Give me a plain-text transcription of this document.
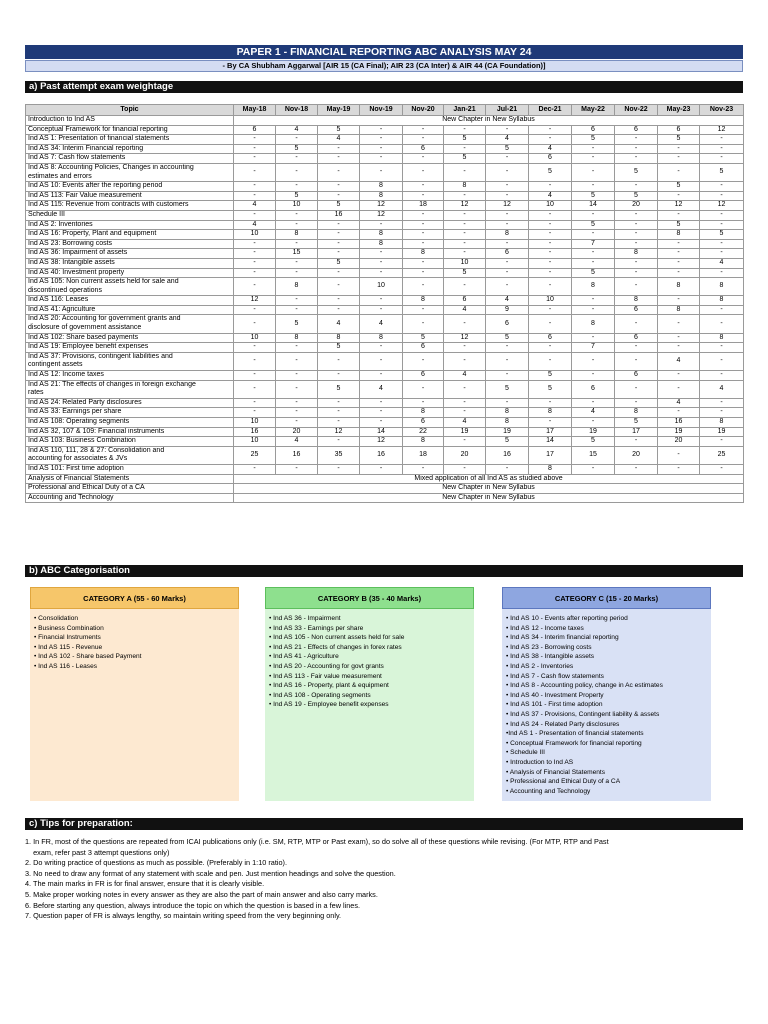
PAPER 1 - FINANCIAL REPORTING ABC ANALYSIS MAY 24
- By CA Shubham Aggarwal [AIR 15 (CA Final); AIR 23 (CA Inter) & AIR 44 (CA Foundation)]
a) Past attempt exam weightage
Topic	May-18	Nov-18	May-19	Nov-19	Nov-20	Jan-21	Jul-21	Dec-21	May-22	Nov-22	May-23	Nov-23
Introduction to Ind AS	New Chapter in New Syllabus											
Conceptual Framework for financial reporting	6	4	5	-	-	-	-	-	6	6	6	12
Ind AS 1: Presentation of financial statements	-	-	4	-	-	5	4	-	5	-	5	-
Ind AS 34: Interim Financial reporting	-	5	-	-	6	-	5	4	-	-	-	-
Ind AS 7: Cash flow statements	-	-	-	-	-	5	-	6	-	-	-	-

Ind AS 8: Accounting Policies, Changes in accounting
estimates and errors	-	-	-	-	-	-	-	5	-	5	-	5
Ind AS 10: Events after the reporting period	-	-	-	8	-	8	-	-	-	-	5	-
Ind AS 113: Fair Value measurement	-	5	-	8	-	-	-	4	5	5	-	-
Ind AS 115: Revenue from contracts with customers	4	10	5	12	18	12	12	10	14	20	12	12
Schedule III	-	-	16	12	-	-	-	-	-	-	-	-
Ind AS 2: Inventories	4	-	-	-	-	-	-	-	5	-	5	-
Ind AS 16: Property, Plant and equipment	10	8	-	8	-	-	8	-	-	-	8	5
Ind AS 23: Borrowing costs	-	-	-	8	-	-	-	-	7	-	-	-
Ind AS 36: Impairment of assets	-	15	-	-	8	-	6	-	-	8	-	-
Ind AS 38: Intangible assets	-	-	5	-	-	10	-	-	-	-	-	4
Ind AS 40: Investment property	-	-	-	-	-	5	-	-	5	-	-	-

Ind AS 105: Non current assets held for sale and
discontinued operations	-	8	-	10	-	-	-	-	8	-	8	8
Ind AS 116: Leases	12	-	-	-	8	6	4	10	-	8	-	8
Ind AS 41: Agriculture	-	-	-	-	-	4	9	-	-	6	8	-

Ind AS 20: Accounting for government grants and
disclosure of government assistance	-	5	4	4	-	-	6	-	8	-	-	-
Ind AS 102: Share based payments	10	8	8	8	5	12	5	6	-	6	-	8
Ind AS 19: Employee benefit expenses	-	-	5	-	6	-	-	-	7	-	-	-

Ind AS 37: Provisions, contingent liabilities and
contingent assets	-	-	-	-	-	-	-	-	-	-	4	-
Ind AS 12: Income taxes	-	-	-	-	6	4	-	5	-	6	-	-

Ind AS 21: The effects of changes in foreign exchange
rates	-	-	5	4	-	-	5	5	6	-	-	4
Ind AS 24: Related Party disclosures	-	-	-	-	-	-	-	-	-	-	4	-
Ind AS 33: Earnings per share	-	-	-	-	8	-	8	8	4	8	-	-
Ind AS 108: Operating segments	10	-	-	-	6	4	8	-	-	5	16	8
Ind AS 32, 107 & 109: Financial instruments	16	20	12	14	22	19	19	17	19	17	19	19
Ind AS 103: Business Combination	10	4	-	12	8	-	5	14	5	-	20	-

Ind AS 110, 111, 28 & 27: Consolidation and
accounting for associates & JVs	25	16	35	16	18	20	16	17	15	20	-	25
Ind AS 101: First time adoption	-	-	-	-	-	-	-	8	-	-	-	-
Analysis of Financial Statements	Mixed application of all Ind AS as studied above											
Professional and Ethical Duty of a CA	New Chapter in New Syllabus											
Accounting and Technology	New Chapter in New Syllabus											
b) ABC Categorisation
CATEGORY A (55 - 60 Marks)
• Consolidation
• Business Combination
• Financial Instruments
• Ind AS 115 - Revenue
• Ind AS 102 - Share based Payment
• Ind AS 116 - Leases
CATEGORY B (35 - 40 Marks)
• Ind AS 36 - Impairment
• Ind AS 33 - Earnings per share
• Ind AS 105 - Non current assets held for sale
• Ind AS 21 - Effects of changes in forex rates
• Ind AS 41 - Agriculture
• Ind AS 20 - Accounting for govt grants
• Ind AS 113 - Fair value measurement
• Ind AS 16 - Property, plant & equipment
• Ind AS 108 - Operating segments
• Ind AS 19 - Employee benefit expenses
CATEGORY C (15 - 20 Marks)
• Ind AS 10 - Events after reporting period
• Ind AS 12 - Income taxes
• Ind AS 34 - Interim financial reporting
• Ind AS 23 - Borrowing costs
• Ind AS 38 - Intangible assets
• Ind AS 2 - Inventories
• Ind AS 7 - Cash flow statements
• Ind AS 8 - Accounting policy, change in Ac estimates
• Ind AS 40 - Investment Property
• Ind AS 101 - First time adoption
• Ind AS 37 - Provisions, Contingent liability & assets
• Ind AS 24 - Related Party disclosures
•Ind AS 1 - Presentation of financial statements
• Conceptual Framework for financial reporting
• Schedule III
• Introduction to Ind AS
• Analysis of Financial Statements
• Professional and Ethical Duty of a CA
• Accounting and Technology
c) Tips for preparation:
1. In FR, most of the questions are repeated from ICAI publications only (i.e. SM, RTP, MTP or Past exam), so do solve all of these questions while revising. (For MTP, RTP and Past
exam, refer past 3 attempt questions only)
2. Do writing practice of questions as much as possible. (Preferably in 1:10 ratio).
3. No need to draw any format of any statement with scale and pen. Just mention headings and solve the question.
4. The main marks in FR is for final answer, ensure that it is clearly visible.
5. Make proper working notes in every answer as they are also the part of main answer and also carry marks.
6. Before starting any question, always introduce the topic on which the question is based in a few lines.
7. Question paper of FR is always lengthy, so maintain writing speed from the very beginning only.
